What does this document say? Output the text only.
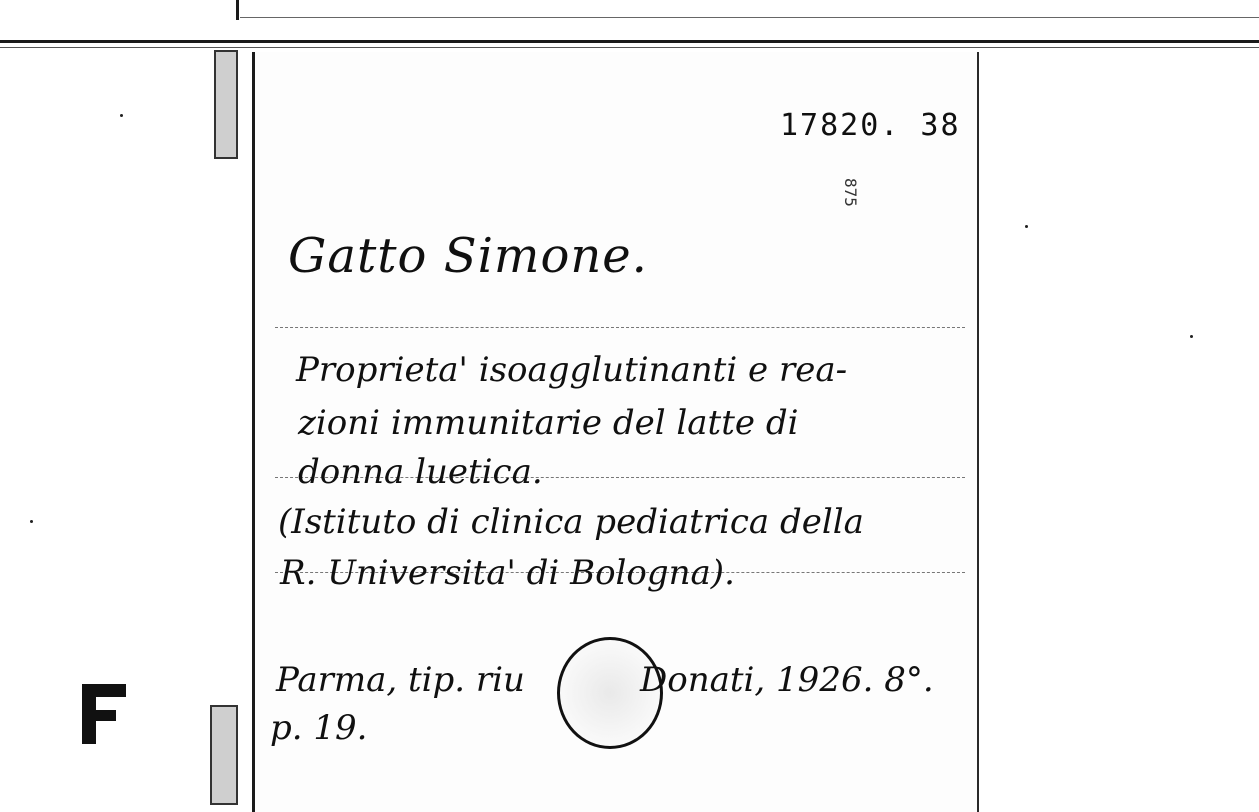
17820. 38
875
Gatto Simone.
Proprieta' isoagglutinanti e rea-
zioni immunitarie del latte di
donna luetica.
(Istituto di clinica pediatrica della
R. Universita' di Bologna).
Parma, tip. riu	Donati, 1926. 8°.
p. 19.
